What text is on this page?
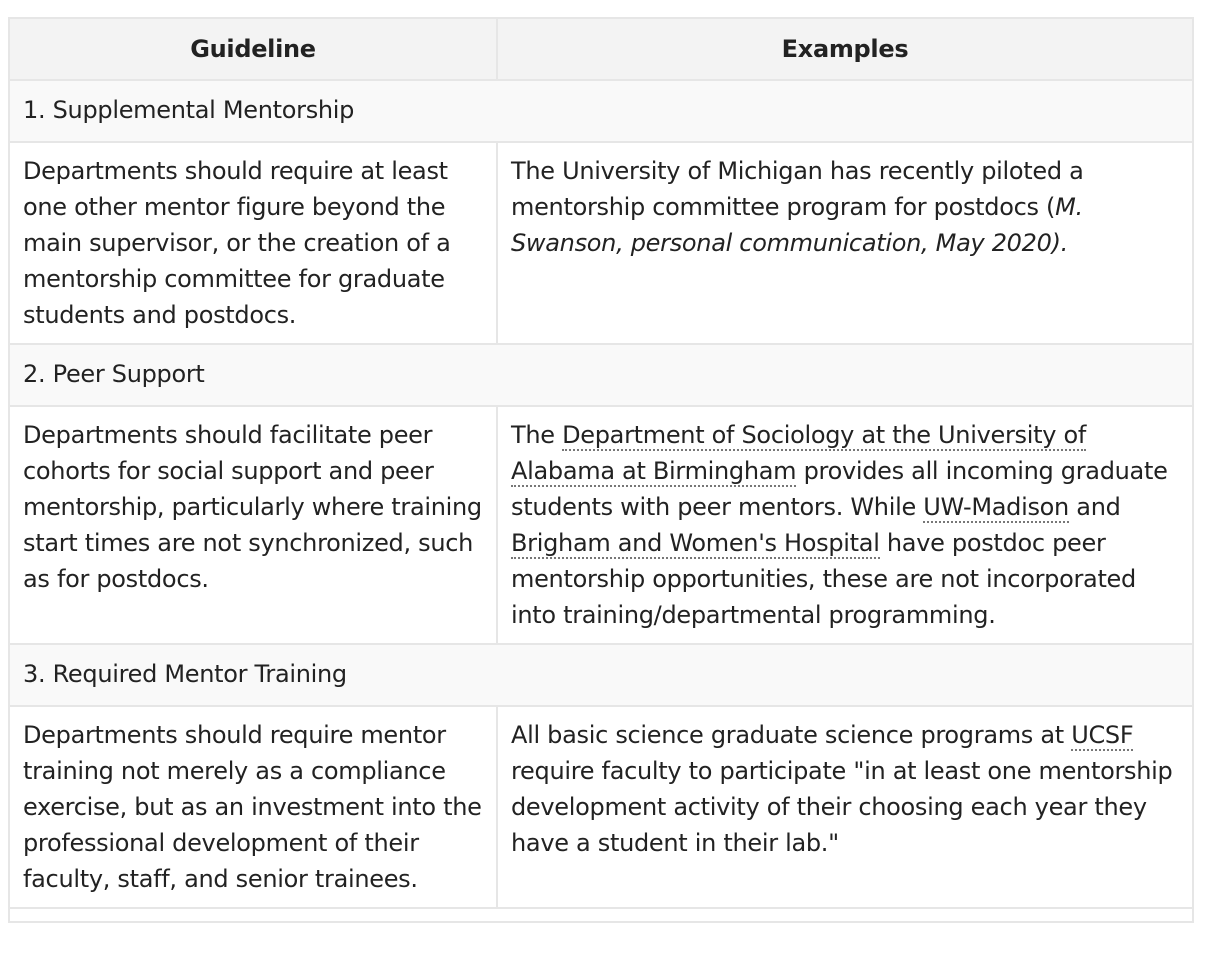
Guideline	Examples
1. Supplemental Mentorship	
Departments should require at least one other mentor figure beyond the main supervisor, or the creation of a mentorship committee for graduate students and postdocs.	The University of Michigan has recently piloted a mentorship committee program for postdocs (M. Swanson, personal communication, May 2020).
2. Peer Support	
Departments should facilitate peer cohorts for social support and peer mentorship, particularly where training start times are not synchronized, such as for postdocs.	The Department of Sociology at the University of Alabama at Birmingham provides all incoming graduate students with peer mentors. While UW-Madison and Brigham and Women's Hospital have postdoc peer mentorship opportunities, these are not incorporated into training/departmental programming.
3. Required Mentor Training	
Departments should require mentor training not merely as a compliance exercise, but as an investment into the professional development of their faculty, staff, and senior trainees.	All basic science graduate science programs at UCSF require faculty to participate "in at least one mentorship development activity of their choosing each year they have a student in their lab."
